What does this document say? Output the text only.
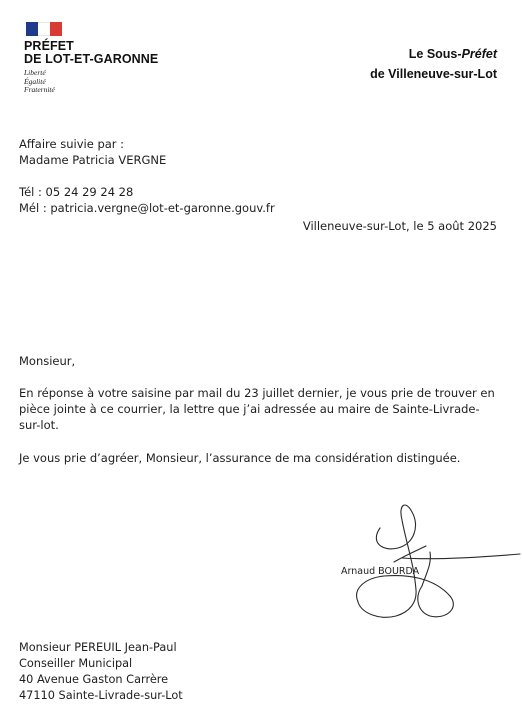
PRÉFET
DE LOT-ET-GARONNE
Liberté
Égalité
Fraternité
Le Sous-Préfet
de Villeneuve-sur-Lot
Affaire suivie par :
Madame Patricia VERGNE
Tél : 05 24 29 24 28
Mél : patricia.vergne@lot-et-garonne.gouv.fr
Villeneuve-sur-Lot, le 5 août 2025
Monsieur,
En réponse à votre saisine par mail du 23 juillet dernier, je vous prie de trouver en pièce jointe à ce courrier, la lettre que j’ai adressée au maire de Sainte-Livrade-sur-lot.
Je vous prie d’agréer, Monsieur, l’assurance de ma considération distinguée.
Arnaud BOURDA
Monsieur PEREUIL Jean-Paul
Conseiller Municipal
40 Avenue Gaston Carrère
47110 Sainte-Livrade-sur-Lot
